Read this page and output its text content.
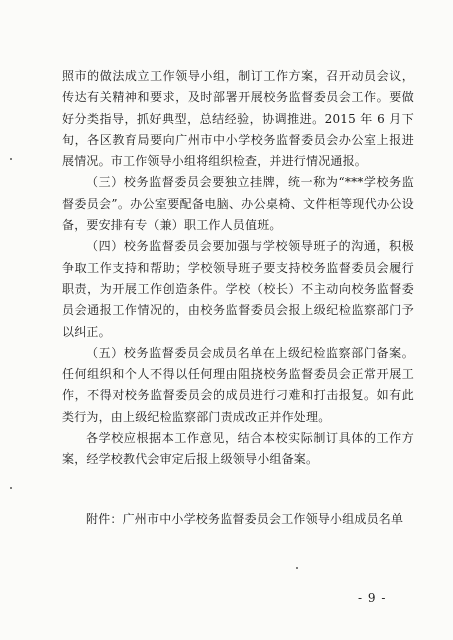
照市的做法成立工作领导小组，制订工作方案，召开动员会议，传达有关精神和要求，及时部署开展校务监督委员会工作。要做好分类指导，抓好典型，总结经验，协调推进。2015 年 6 月下旬，各区教育局要向广州市中小学校务监督委员会办公室上报进展情况。市工作领导小组将组织检查，并进行情况通报。

（三）校务监督委员会要独立挂牌，统一称为“***学校务监督委员会”。办公室要配备电脑、办公桌椅、文件柜等现代办公设备，要安排有专（兼）职工作人员值班。

（四）校务监督委员会要加强与学校领导班子的沟通，积极争取工作支持和帮助；学校领导班子要支持校务监督委员会履行职责，为开展工作创造条件。学校（校长）不主动向校务监督委员会通报工作情况的，由校务监督委员会报上级纪检监察部门予以纠正。

（五）校务监督委员会成员名单在上级纪检监察部门备案。任何组织和个人不得以任何理由阻挠校务监督委员会正常开展工作，不得对校务监督委员会的成员进行刁难和打击报复。如有此类行为，由上级纪检监察部门责成改正并作处理。

各学校应根据本工作意见，结合本校实际制订具体的工作方案，经学校教代会审定后报上级领导小组备案。

附件：广州市中小学校务监督委员会工作领导小组成员名单
- 9 -
